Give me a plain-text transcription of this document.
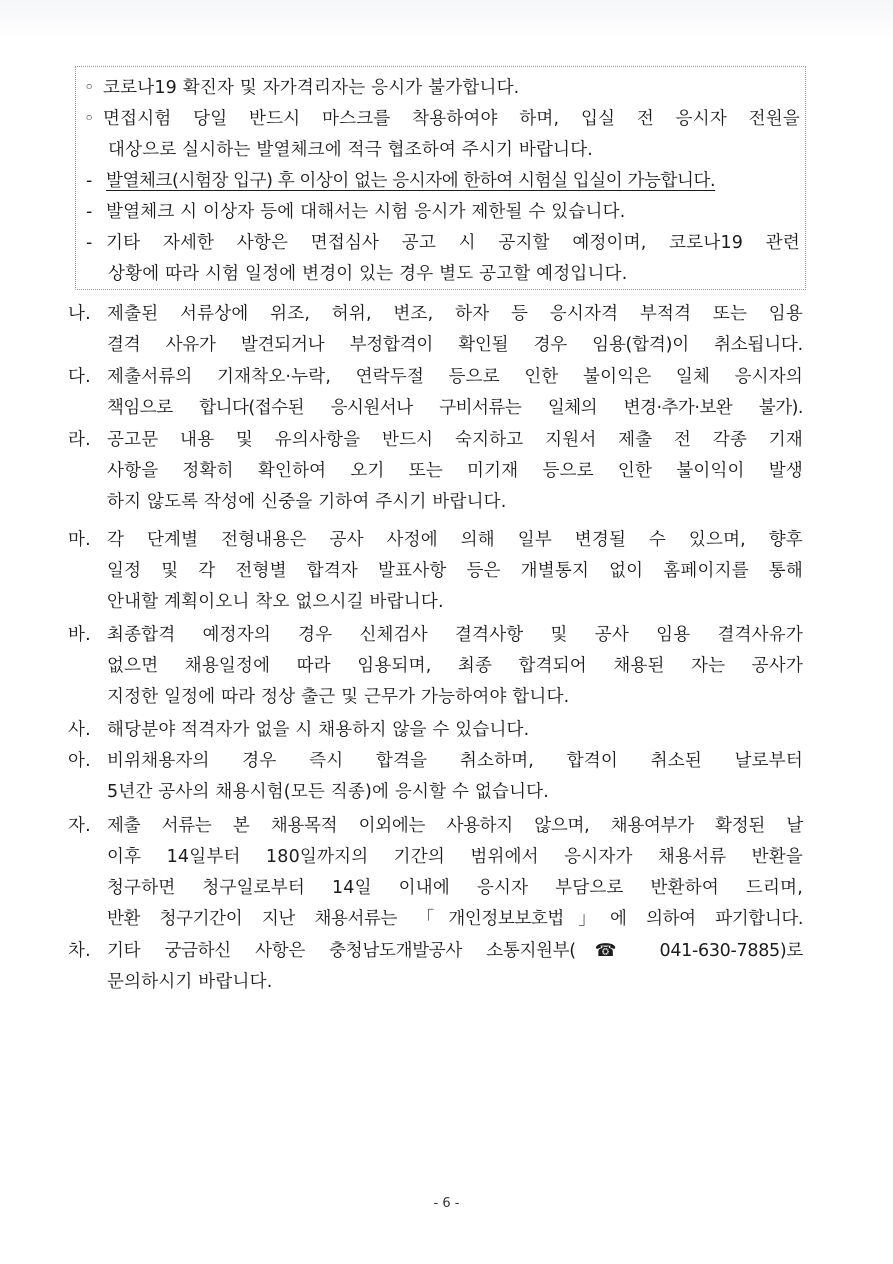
◦ 코로나19 확진자 및 자가격리자는 응시가 불가합니다.
◦ 면접시험 당일 반드시 마스크를 착용하여야 하며, 입실 전 응시자 전원을
대상으로 실시하는 발열체크에 적극 협조하여 주시기 바랍니다.
- 발열체크(시험장 입구) 후 이상이 없는 응시자에 한하여 시험실 입실이 가능합니다.
- 발열체크 시 이상자 등에 대해서는 시험 응시가 제한될 수 있습니다.
- 기타 자세한 사항은 면접심사 공고 시 공지할 예정이며, 코로나19 관련
상황에 따라 시험 일정에 변경이 있는 경우 별도 공고할 예정입니다.
나. 제출된 서류상에 위조, 허위, 변조, 하자 등 응시자격 부적격 또는 임용
결격 사유가 발견되거나 부정합격이 확인될 경우 임용(합격)이 취소됩니다.
다. 제출서류의 기재착오·누락, 연락두절 등으로 인한 불이익은 일체 응시자의
책임으로 합니다(접수된 응시원서나 구비서류는 일체의 변경·추가·보완 불가).
라. 공고문 내용 및 유의사항을 반드시 숙지하고 지원서 제출 전 각종 기재
사항을 정확히 확인하여 오기 또는 미기재 등으로 인한 불이익이 발생
하지 않도록 작성에 신중을 기하여 주시기 바랍니다.
마. 각 단계별 전형내용은 공사 사정에 의해 일부 변경될 수 있으며, 향후
일정 및 각 전형별 합격자 발표사항 등은 개별통지 없이 홈페이지를 통해
안내할 계획이오니 착오 없으시길 바랍니다.
바. 최종합격 예정자의 경우 신체검사 결격사항 및 공사 임용 결격사유가
없으면 채용일정에 따라 임용되며, 최종 합격되어 채용된 자는 공사가
지정한 일정에 따라 정상 출근 및 근무가 가능하여야 합니다.
사. 해당분야 적격자가 없을 시 채용하지 않을 수 있습니다.
아. 비위채용자의 경우 즉시 합격을 취소하며, 합격이 취소된 날로부터
5년간 공사의 채용시험(모든 직종)에 응시할 수 없습니다.
자. 제출 서류는 본 채용목적 이외에는 사용하지 않으며, 채용여부가 확정된 날
이후 14일부터 180일까지의 기간의 범위에서 응시자가 채용서류 반환을
청구하면 청구일로부터 14일 이내에 응시자 부담으로 반환하여 드리며,
반환 청구기간이 지난 채용서류는 「개인정보보호법」에 의하여 파기합니다.
차. 기타 궁금하신 사항은 충청남도개발공사 소통지원부(☎ 041-630-7885)로
문의하시기 바랍니다.
- 6 -
